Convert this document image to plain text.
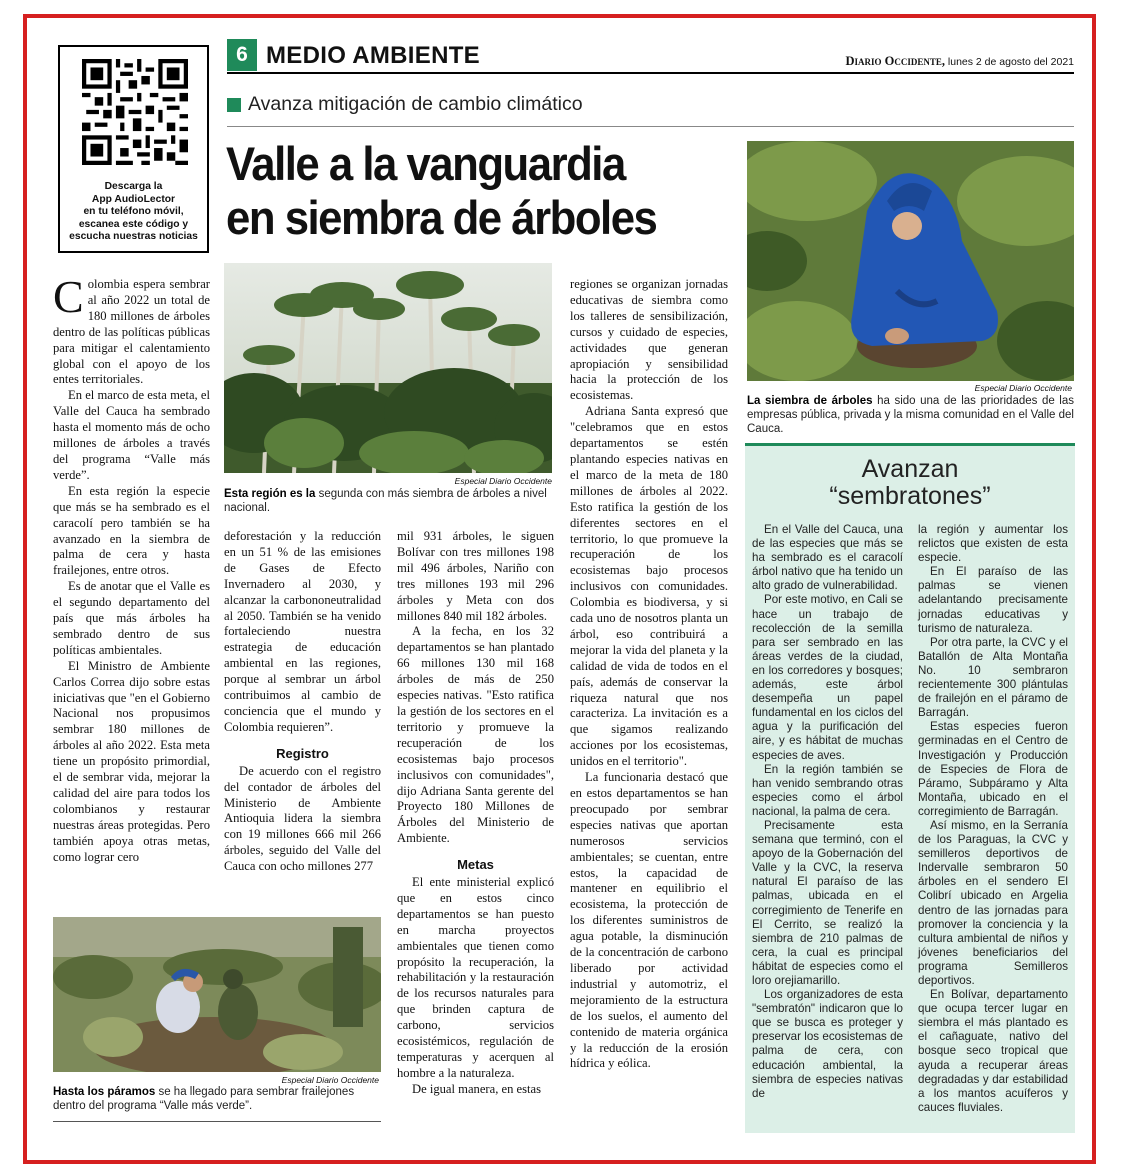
Descarga la
App AudioLector
en tu teléfono móvil,
escanea este código y
escucha nuestras noticias
6 MEDIO AMBIENTE	Diario Occidente, lunes 2 de agosto del 2021
Avanza mitigación de cambio climático
Valle a la vanguardia
en siembra de árboles

Colombia espera sembrar al año 2022 un total de 180 millones de árboles dentro de las políticas públicas para mitigar el calentamiento global con el apoyo de los entes territoriales.

En el marco de esta meta, el Valle del Cauca ha sembrado hasta el momento más de ocho millones de árboles a través del programa “Valle más verde”.

En esta región la especie que más se ha sembrado es el caracolí pero también se ha avanzado en la siembra de palma de cera y hasta frailejones, entre otros.

Es de anotar que el Valle es el segundo departamento del país que más árboles ha sembrado dentro de sus políticas ambientales.

El Ministro de Ambiente Carlos Correa dijo sobre estas iniciativas que "en el Gobierno Nacional nos propusimos sembrar 180 millones de árboles al año 2022. Esta meta tiene un propósito primordial, el de sembrar vida, mejorar la calidad del aire para todos los colombianos y restaurar nuestras áreas protegidas. Pero también apoya otras metas, como lograr cero

Especial Diario Occidente
Esta región es la segunda con más siembra de árboles a nivel nacional.

deforestación y la reducción en un 51 % de las emisiones de Gases de Efecto Invernadero al 2030, y alcanzar la carbononeutralidad al 2050. También se ha venido fortaleciendo nuestra estrategia de educación ambiental en las regiones, porque al sembrar un árbol contribuimos al cambio de conciencia que el mundo y Colombia requieren”.

Registro

De acuerdo con el registro del contador de árboles del Ministerio de Ambiente Antioquia lidera la siembra con 19 millones 666 mil 266 árboles, seguido del Valle del Cauca con ocho millones 277

mil 931 árboles, le siguen Bolívar con tres millones 198 mil 496 árboles, Nariño con tres millones 193 mil 296 árboles y Meta con dos millones 840 mil 182 árboles.

A la fecha, en los 32 departamentos se han plantado 66 millones 130 mil 168 árboles de más de 250 especies nativas. "Esto ratifica la gestión de los sectores en el territorio y promueve la recuperación de los ecosistemas bajo procesos inclusivos con comunidades", dijo Adriana Santa gerente del Proyecto 180 Millones de Árboles del Ministerio de Ambiente.

Metas

El ente ministerial explicó que en estos cinco departamentos se han puesto en marcha proyectos ambientales que tienen como propósito la recuperación, la rehabilitación y la restauración de los recursos naturales para que brinden captura de carbono, servicios ecosistémicos, regulación de temperaturas y acerquen al hombre a la naturaleza.

De igual manera, en estas

regiones se organizan jornadas educativas de siembra como los talleres de sensibilización, cursos y cuidado de especies, actividades que generan apropiación y sensibilidad hacia la protección de los ecosistemas.

Adriana Santa expresó que "celebramos que en estos departamentos se estén plantando especies nativas en el marco de la meta de 180 millones de árboles al 2022. Esto ratifica la gestión de los diferentes sectores en el territorio, lo que promueve la recuperación de los ecosistemas bajo procesos inclusivos con comunidades. Colombia es biodiversa, y si cada uno de nosotros planta un árbol, eso contribuirá a mejorar la vida del planeta y la calidad de vida de todos en el país, además de conservar la riqueza natural que nos caracteriza. La invitación es a que sigamos realizando acciones por los ecosistemas, unidos en el territorio".

La funcionaria destacó que en estos departamentos se han preocupado por sembrar especies nativas que aportan numerosos servicios ambientales; se cuentan, entre estos, la capacidad de mantener en equilibrio el ecosistema, la protección de los diferentes suministros de agua potable, la disminución de la concentración de carbono liberado por actividad industrial y automotriz, el mejoramiento de la estructura de los suelos, el aumento del contenido de materia orgánica y la reducción de la erosión hídrica y eólica.

Especial Diario Occidente
Hasta los páramos se ha llegado para sembrar frailejones dentro del programa “Valle más verde”.
Especial Diario Occidente
La siembra de árboles ha sido una de las prioridades de las empresas pública, privada y la misma comunidad en el Valle del Cauca.
Avanzan
“sembratones”

En el Valle del Cauca, una de las especies que más se ha sembrado es el caracolí árbol nativo que ha tenido un alto grado de vulnerabilidad.

Por este motivo, en Cali se hace un trabajo de recolección de la semilla para ser sembrado en las áreas verdes de la ciudad, en los corredores y bosques; además, este árbol desempeña un papel fundamental en los ciclos del agua y la purificación del aire, y es hábitat de muchas especies de aves.

En la región también se han venido sembrando otras especies como el árbol nacional, la palma de cera.

Precisamente esta semana que terminó, con el apoyo de la Gobernación del Valle y la CVC, la reserva natural El paraíso de las palmas, ubicada en el corregimiento de Tenerife en El Cerrito, se realizó la siembra de 210 palmas de cera, la cual es principal hábitat de especies como el loro orejiamarillo.

Los organizadores de esta "sembratón" indicaron que lo que se busca es proteger y preservar los ecosistemas de palma de cera, con educación ambiental, la siembra de especies nativas de

la región y aumentar los relictos que existen de esta especie.

En El paraíso de las palmas se vienen adelantando precisamente jornadas educativas y turismo de naturaleza.

Por otra parte, la CVC y el Batallón de Alta Montaña No. 10 sembraron recientemente 300 plántulas de frailejón en el páramo de Barragán.

Estas especies fueron germinadas en el Centro de Investigación y Producción de Especies de Flora de Páramo, Subpáramo y Alta Montaña, ubicado en el corregimiento de Barragán.

Así mismo, en la Serranía de los Paraguas, la CVC y semilleros deportivos de Indervalle sembraron 50 árboles en el sendero El Colibrí ubicado en Argelia dentro de las jornadas para promover la conciencia y la cultura ambiental de niños y jóvenes beneficiarios del programa Semilleros deportivos.

En Bolívar, departamento que ocupa tercer lugar en siembra el más plantado es el cañaguate, nativo del bosque seco tropical que ayuda a recuperar áreas degradadas y dar estabilidad a los mantos acuíferos y cauces fluviales.
